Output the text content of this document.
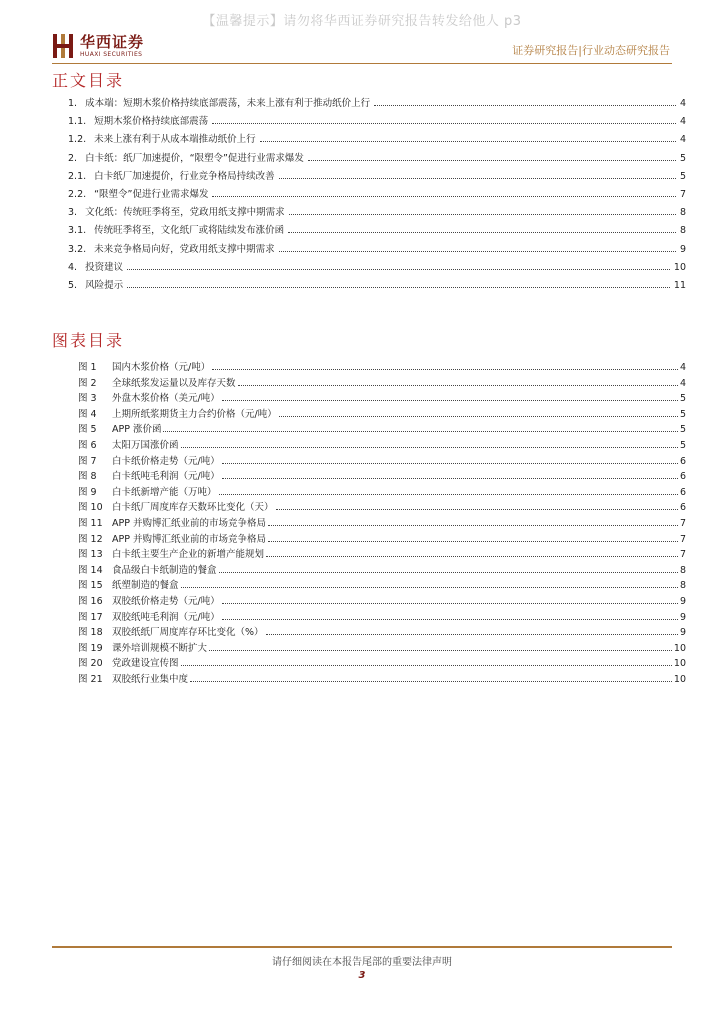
【温馨提示】请勿将华西证券研究报告转发给他人 p3
华西证券
HUAXI SECURITIES	证券研究报告|行业动态研究报告
正文目录
1. 成本端：短期木浆价格持续底部震荡，未来上涨有利于推动纸价上行	4
1.1. 短期木浆价格持续底部震荡	4
1.2. 未来上涨有利于从成本端推动纸价上行	4
2. 白卡纸：纸厂加速提价，“限塑令”促进行业需求爆发	5
2.1. 白卡纸厂加速提价，行业竞争格局持续改善	5
2.2. “限塑令”促进行业需求爆发	7
3. 文化纸：传统旺季将至，党政用纸支撑中期需求	8
3.1. 传统旺季将至，文化纸厂或将陆续发布涨价函	8
3.2. 未来竞争格局向好，党政用纸支撑中期需求	9
4. 投资建议	10
5. 风险提示	11
图表目录
图 1	国内木浆价格（元/吨）	4
图 2	全球纸浆发运量以及库存天数	4
图 3	外盘木浆价格（美元/吨）	5
图 4	上期所纸浆期货主力合约价格（元/吨）	5
图 5	APP 涨价函	5
图 6	太阳万国涨价函	5
图 7	白卡纸价格走势（元/吨）	6
图 8	白卡纸吨毛利润（元/吨）	6
图 9	白卡纸新增产能（万吨）	6
图 10 白卡纸厂周度库存天数环比变化（天）	6
图 11 APP 并购博汇纸业前的市场竞争格局	7
图 12 APP 并购博汇纸业前的市场竞争格局	7
图 13 白卡纸主要生产企业的新增产能规划	7
图 14 食品级白卡纸制造的餐盒	8
图 15 纸塑制造的餐盒	8
图 16 双胶纸价格走势（元/吨）	9
图 17 双胶纸吨毛利润（元/吨）	9
图 18 双胶纸纸厂周度库存环比变化（%）	9
图 19 课外培训规模不断扩大	10
图 20 党政建设宣传图	10
图 21 双胶纸行业集中度	10
请仔细阅读在本报告尾部的重要法律声明
3
